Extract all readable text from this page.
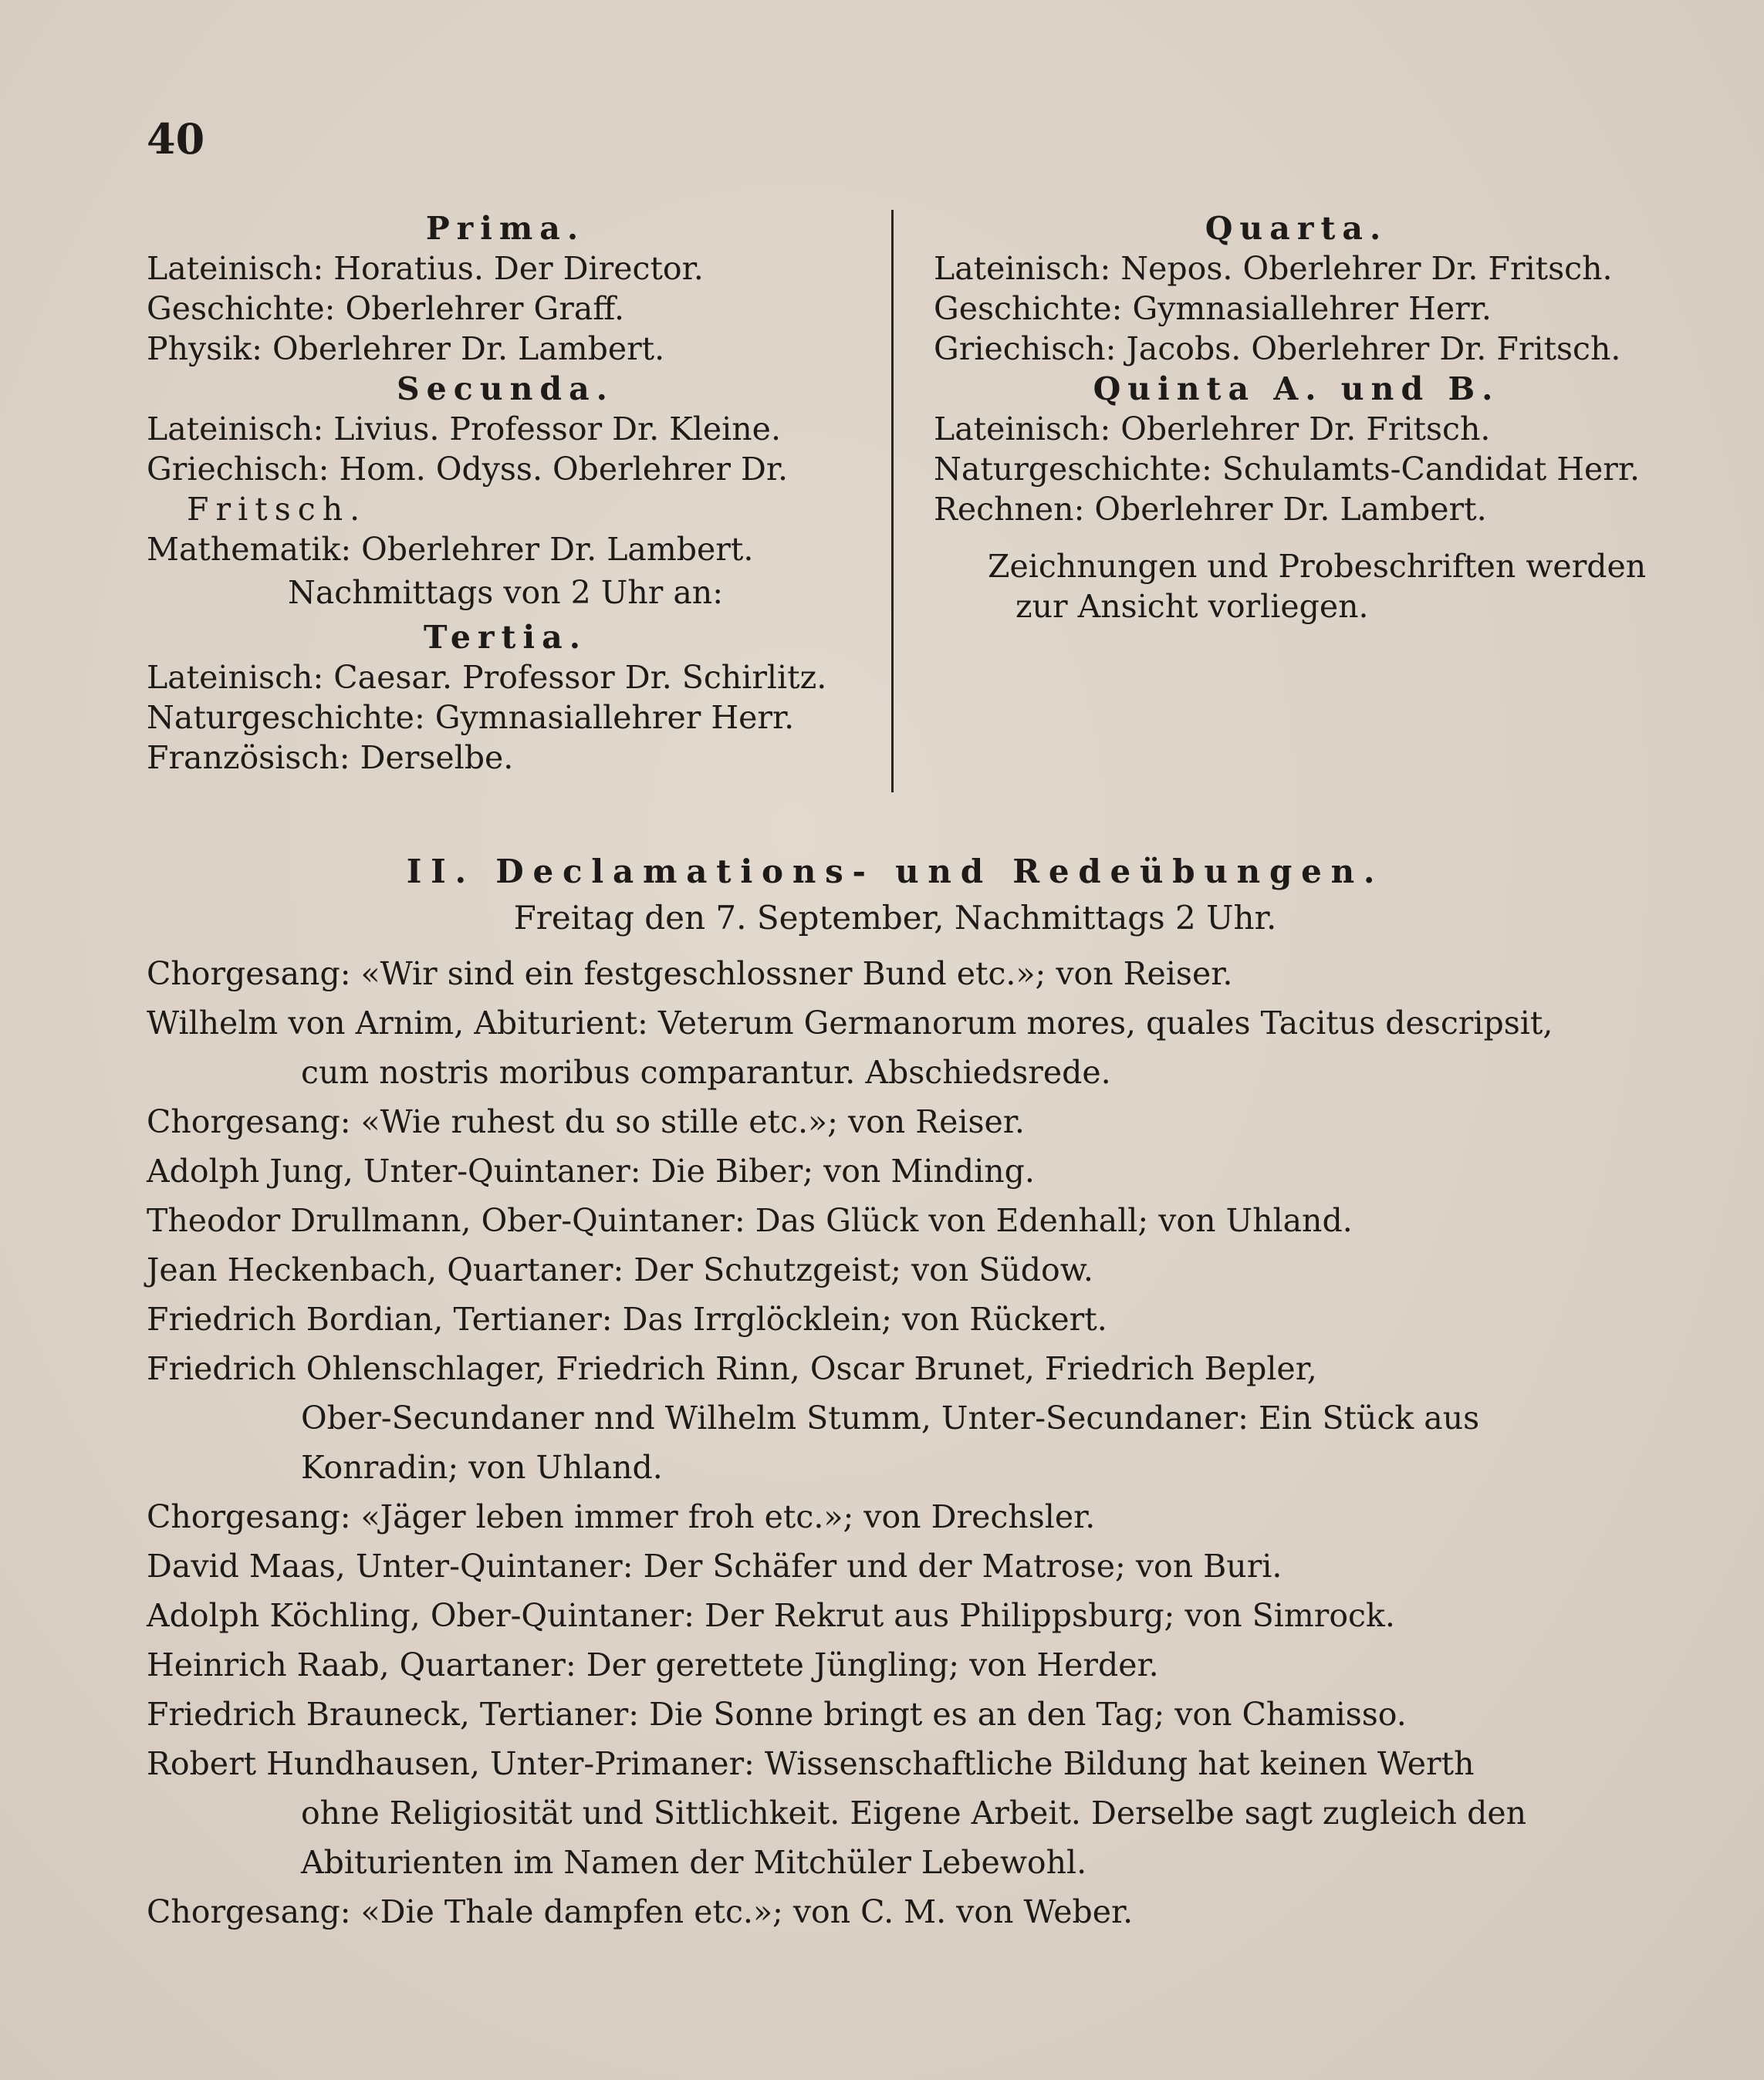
40
Prima.
Lateinisch: Horatius. Der Director.
Geschichte: Oberlehrer Graff.
Physik: Oberlehrer Dr. Lambert.
Secunda.
Lateinisch: Livius. Professor Dr. Kleine.
Griechisch: Hom. Odyss. Oberlehrer Dr.
Fritsch.
Mathematik: Oberlehrer Dr. Lambert.
Nachmittags von 2 Uhr an:
Tertia.
Lateinisch: Caesar. Professor Dr. Schirlitz.
Naturgeschichte: Gymnasiallehrer Herr.
Französisch: Derselbe.
Quarta.
Lateinisch: Nepos. Oberlehrer Dr. Fritsch.
Geschichte: Gymnasiallehrer Herr.
Griechisch: Jacobs. Oberlehrer Dr. Fritsch.
Quinta A. und B.
Lateinisch: Oberlehrer Dr. Fritsch.
Naturgeschichte: Schulamts-Candidat Herr.
Rechnen: Oberlehrer Dr. Lambert.
Zeichnungen und Probeschriften werden
zur Ansicht vorliegen.
II. Declamations- und Redeübungen.
Freitag den 7. September, Nachmittags 2 Uhr.
Chorgesang: «Wir sind ein festgeschlossner Bund etc.»; von Reiser.
Wilhelm von Arnim, Abiturient: Veterum Germanorum mores, quales Tacitus descripsit,
cum nostris moribus comparantur. Abschiedsrede.
Chorgesang: «Wie ruhest du so stille etc.»; von Reiser.
Adolph Jung, Unter-Quintaner: Die Biber; von Minding.
Theodor Drullmann, Ober-Quintaner: Das Glück von Edenhall; von Uhland.
Jean Heckenbach, Quartaner: Der Schutzgeist; von Südow.
Friedrich Bordian, Tertianer: Das Irrglöcklein; von Rückert.
Friedrich Ohlenschlager, Friedrich Rinn, Oscar Brunet, Friedrich Bepler,
Ober-Secundaner nnd Wilhelm Stumm, Unter-Secundaner: Ein Stück aus
Konradin; von Uhland.
Chorgesang: «Jäger leben immer froh etc.»; von Drechsler.
David Maas, Unter-Quintaner: Der Schäfer und der Matrose; von Buri.
Adolph Köchling, Ober-Quintaner: Der Rekrut aus Philippsburg; von Simrock.
Heinrich Raab, Quartaner: Der gerettete Jüngling; von Herder.
Friedrich Brauneck, Tertianer: Die Sonne bringt es an den Tag; von Chamisso.
Robert Hundhausen, Unter-Primaner: Wissenschaftliche Bildung hat keinen Werth
ohne Religiosität und Sittlichkeit. Eigene Arbeit. Derselbe sagt zugleich den
Abiturienten im Namen der Mitchüler Lebewohl.
Chorgesang: «Die Thale dampfen etc.»; von C. M. von Weber.
